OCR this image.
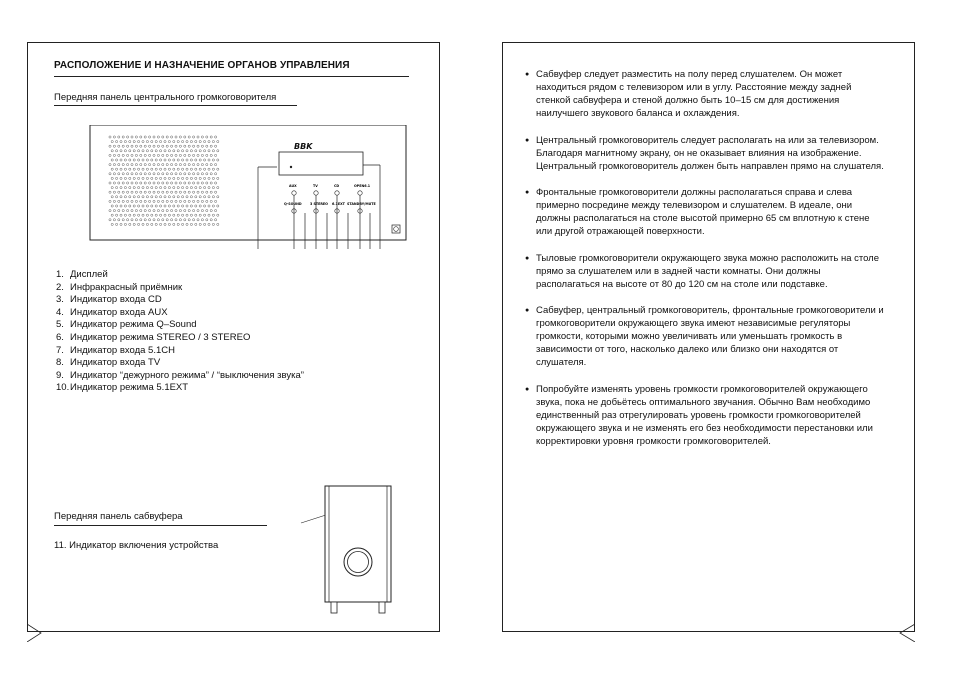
РАСПОЛОЖЕНИЕ И НАЗНАЧЕНИЕ ОРГАНОВ УПРАВЛЕНИЯ
Передняя панель центрального громкоговорителя
BBK
AUX	TV	CD	OPEN6.1
Q-SOUND	3 STEREO 6.1EXT STANDBY/MUTE
1. Дисплей
2. Инфракрасный приёмник
3. Индикатор входа CD
4. Индикатор входа AUX
5. Индикатор режима Q–Sound
6. Индикатор режима STEREO / 3 STEREO
7. Индикатор входа 5.1CH
8. Индикатор входа TV
9. Индикатор “дежурного режима” / “выключения звука”
10. Индикатор режима 5.1EXT
Передняя панель сабвуфера
11. Индикатор включения устройства
● Сабвуфер следует разместить на полу перед слушателем. Он может находиться рядом с телевизором или в углу. Расстояние между задней стенкой сабвуфера и стеной должно быть 10–15 см для достижения наилучшего звукового баланса и охлаждения.
● Центральный громкоговоритель следует располагать на или за телевизором. Благодаря магнитному экрану, он не оказывает влияния на изображение. Центральный громкоговоритель должен быть направлен прямо на слушателя.
● Фронтальные громкоговорители должны располагаться справа и слева примерно посредине между телевизором и слушателем. В идеале, они должны располагаться на столе высотой примерно 65 см вплотную к стене или другой отражающей поверхности.
● Тыловые громкоговорители окружающего звука можно расположить на столе прямо за слушателем или в задней части комнаты. Они должны располагаться на высоте от 80 до 120 см на столе или подставке.
● Сабвуфер, центральный громкоговоритель, фронтальные громкоговорители и громкоговорители окружающего звука имеют независимые регуляторы громкости, которыми можно увеличивать или уменьшать громкость в зависимости от того, насколько далеко или близко они находятся от слушателя.
● Попробуйте изменять уровень громкости громкоговорителей окружающего звука, пока не добьётесь оптимального звучания. Обычно Вам необходимо единственный раз отрегулировать уровень громкости громкоговорителей окружающего звука и не изменять его без необходимости перестановки или корректировки уровня громкости громкоговорителей.
